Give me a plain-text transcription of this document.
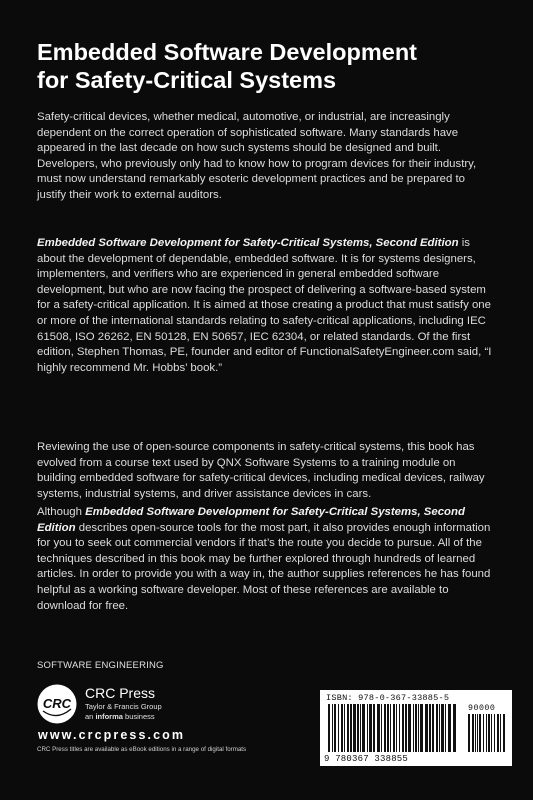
Embedded Software Development
for Safety-Critical Systems

Safety-critical devices, whether medical, automotive, or industrial, are increasingly dependent on the correct operation of sophisticated software. Many standards have appeared in the last decade on how such systems should be designed and built. Developers, who previously only had to know how to program devices for their industry, must now understand remarkably esoteric development practices and be prepared to justify their work to external auditors.

Embedded Software Development for Safety-Critical Systems, Second Edition is about the development of dependable, embedded software. It is for systems designers, implementers, and verifiers who are experienced in general embedded software development, but who are now facing the prospect of delivering a software-based system for a safety-critical application. It is aimed at those creating a product that must satisfy one or more of the international standards relating to safety-critical applications, including IEC 61508, ISO 26262, EN 50128, EN 50657, IEC 62304, or related standards. Of the first edition, Stephen Thomas, PE, founder and editor of FunctionalSafetyEngineer.com said, “I highly recommend Mr. Hobbs’ book.”

Reviewing the use of open-source components in safety-critical systems, this book has evolved from a course text used by QNX Software Systems to a training module on building embedded software for safety-critical devices, including medical devices, railway systems, industrial systems, and driver assistance devices in cars.

Although Embedded Software Development for Safety-Critical Systems, Second Edition describes open-source tools for the most part, it also provides enough information for you to seek out commercial vendors if that’s the route you decide to pursue. All of the techniques described in this book may be further explored through hundreds of learned articles. In order to provide you with a way in, the author supplies references he has found helpful as a working software developer. Most of these references are available to download for free.

SOFTWARE ENGINEERING
CRC
CRC Press
Taylor & Francis Group
an informa business
www.crcpress.com
CRC Press titles are available as eBook editions in a range of digital formats
ISBN: 978-0-367-33885-5
90000
9 780367 338855
